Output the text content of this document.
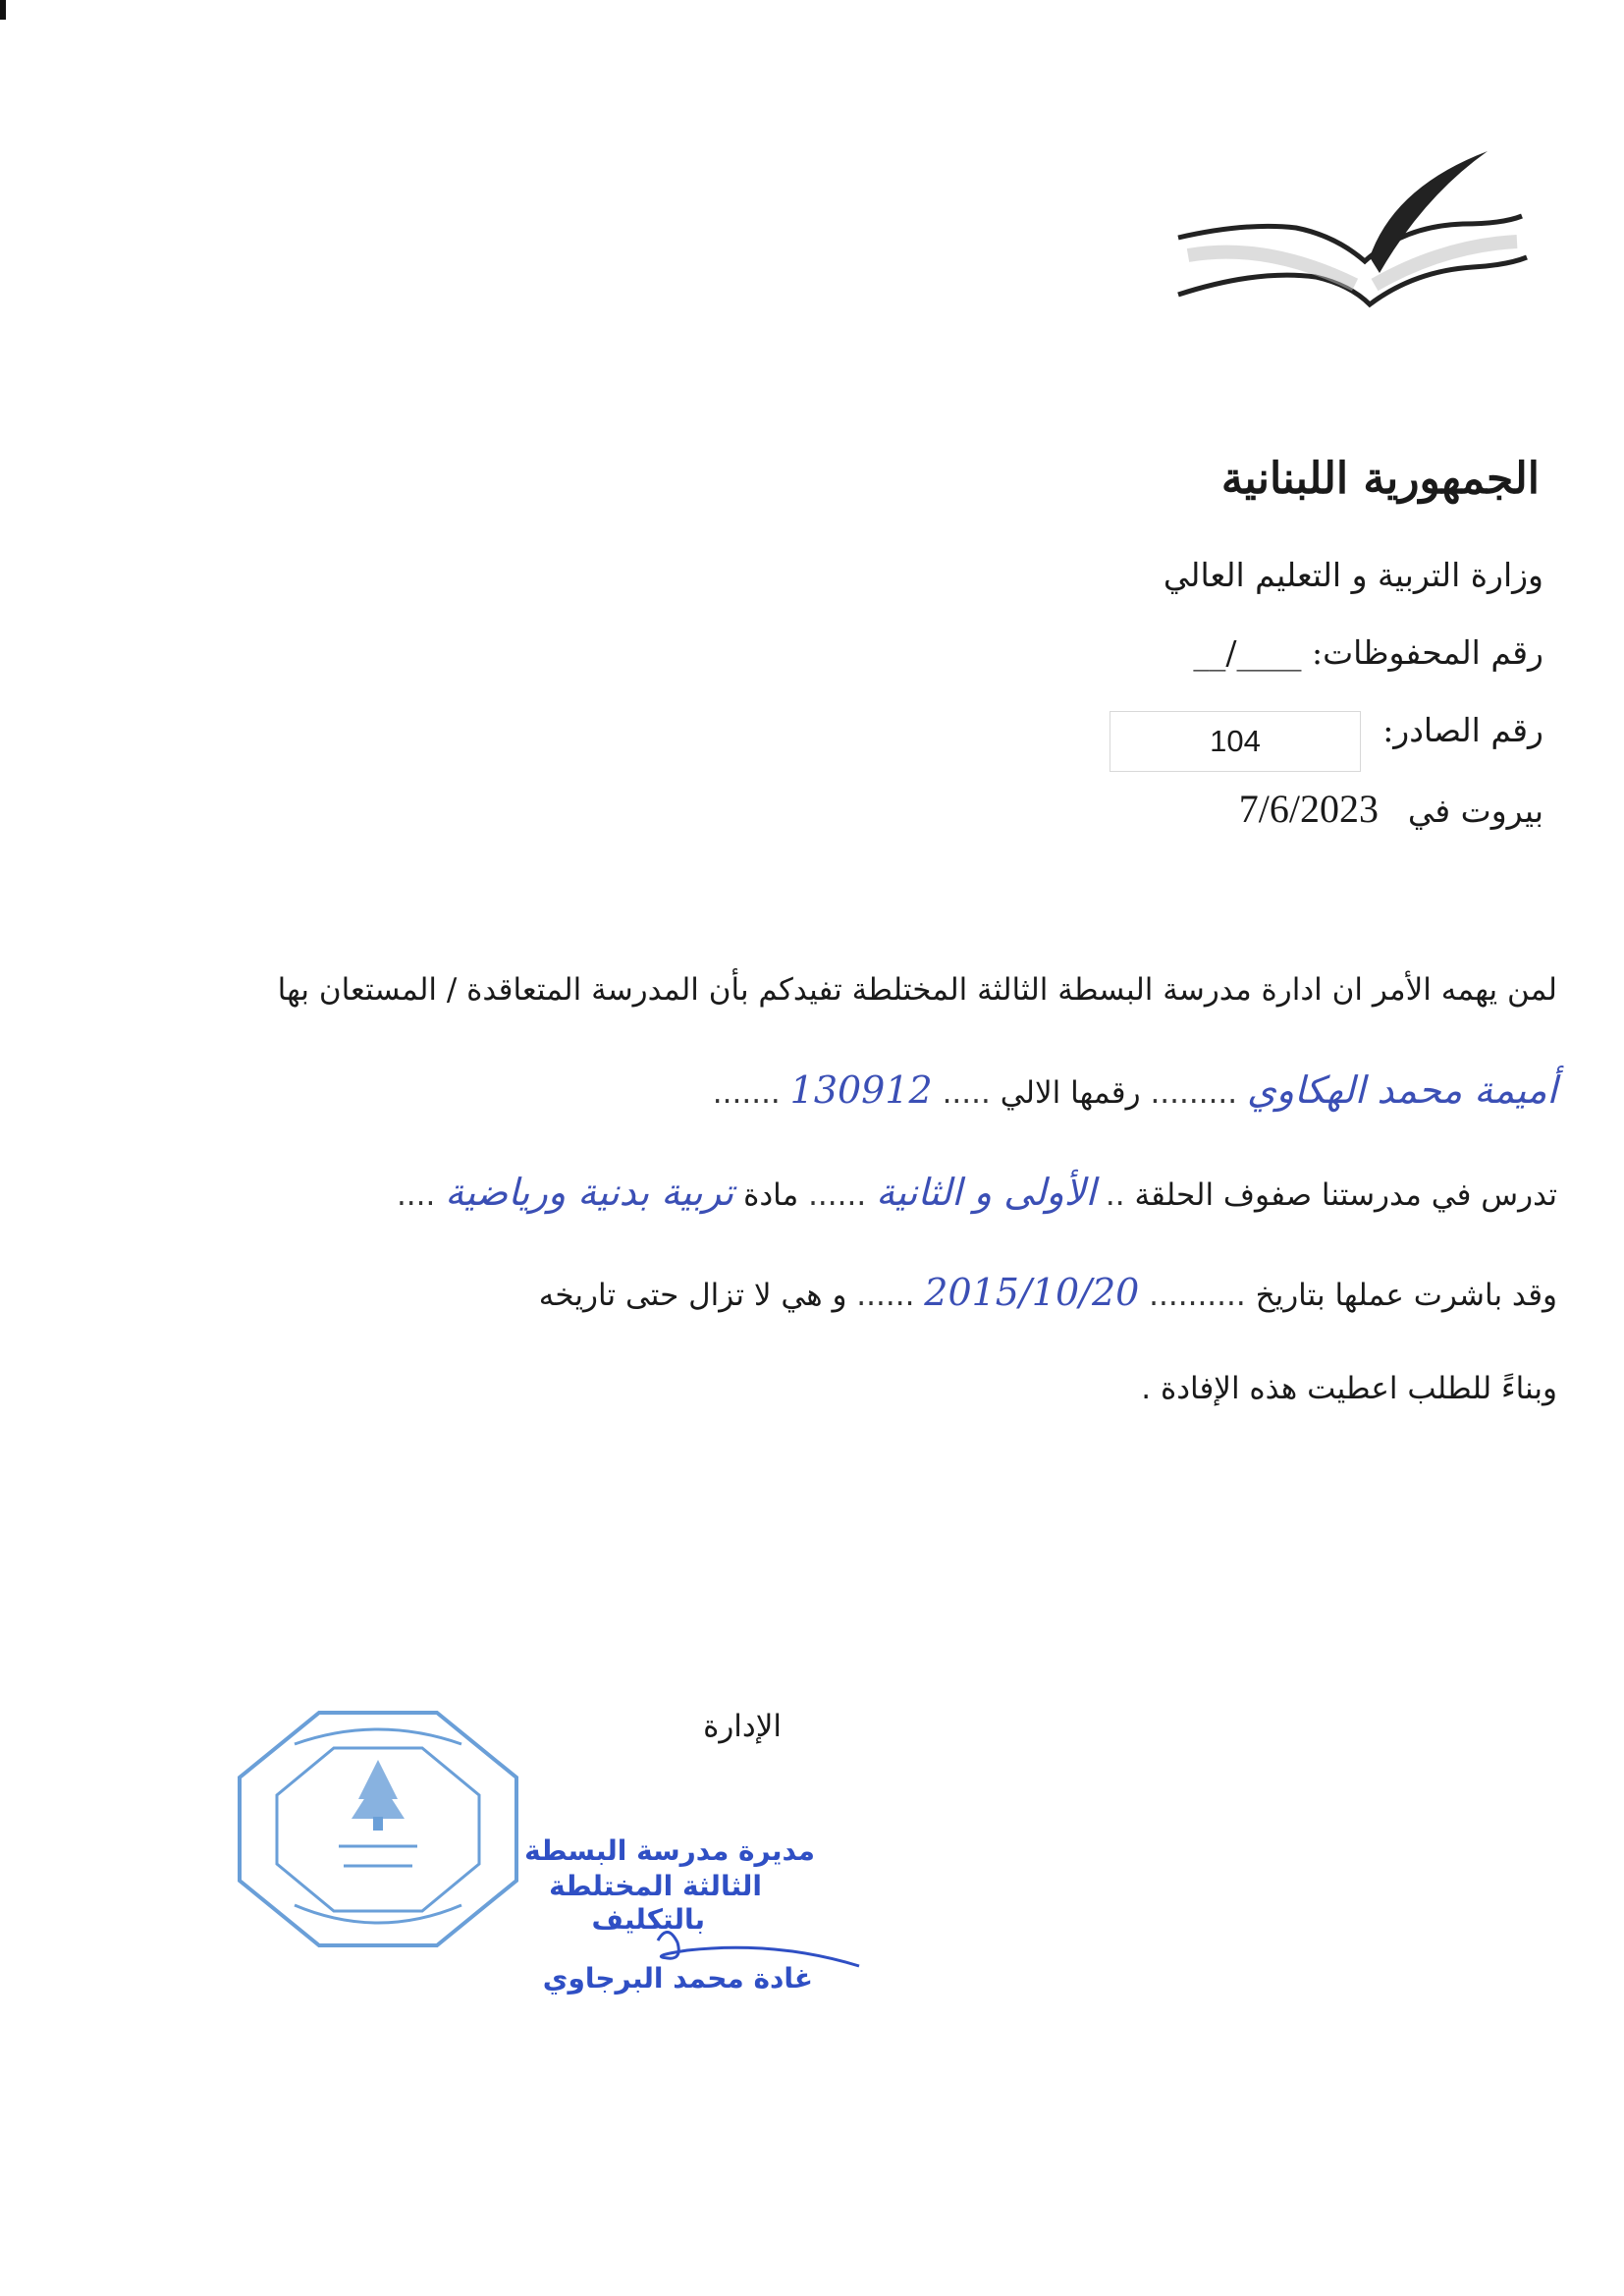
الجمهورية اللبنانية
وزارة التربية و التعليم العالي
رقم المحفوظات: ____/__
رقم الصادر:
104
بيروت في
7/6/2023
لمن يهمه الأمر ان ادارة مدرسة البسطة الثالثة المختلطة تفيدكم بأن المدرسة المتعاقدة / المستعان بها
أميمة محمد الهكاوي ......... رقمها الالي ..... 130912 .......
تدرس في مدرستنا صفوف الحلقة .. الأولى و الثانية ...... مادة تربية بدنية ورياضية ....
وقد باشرت عملها بتاريخ .......... 2015/10/20 ...... و هي لا تزال حتى تاريخه
وبناءً للطلب اعطيت هذه الإفادة .
الإدارة
مديرة مدرسة البسطة
الثالثة المختلطة
بالتكليف
غادة محمد البرجاوي
